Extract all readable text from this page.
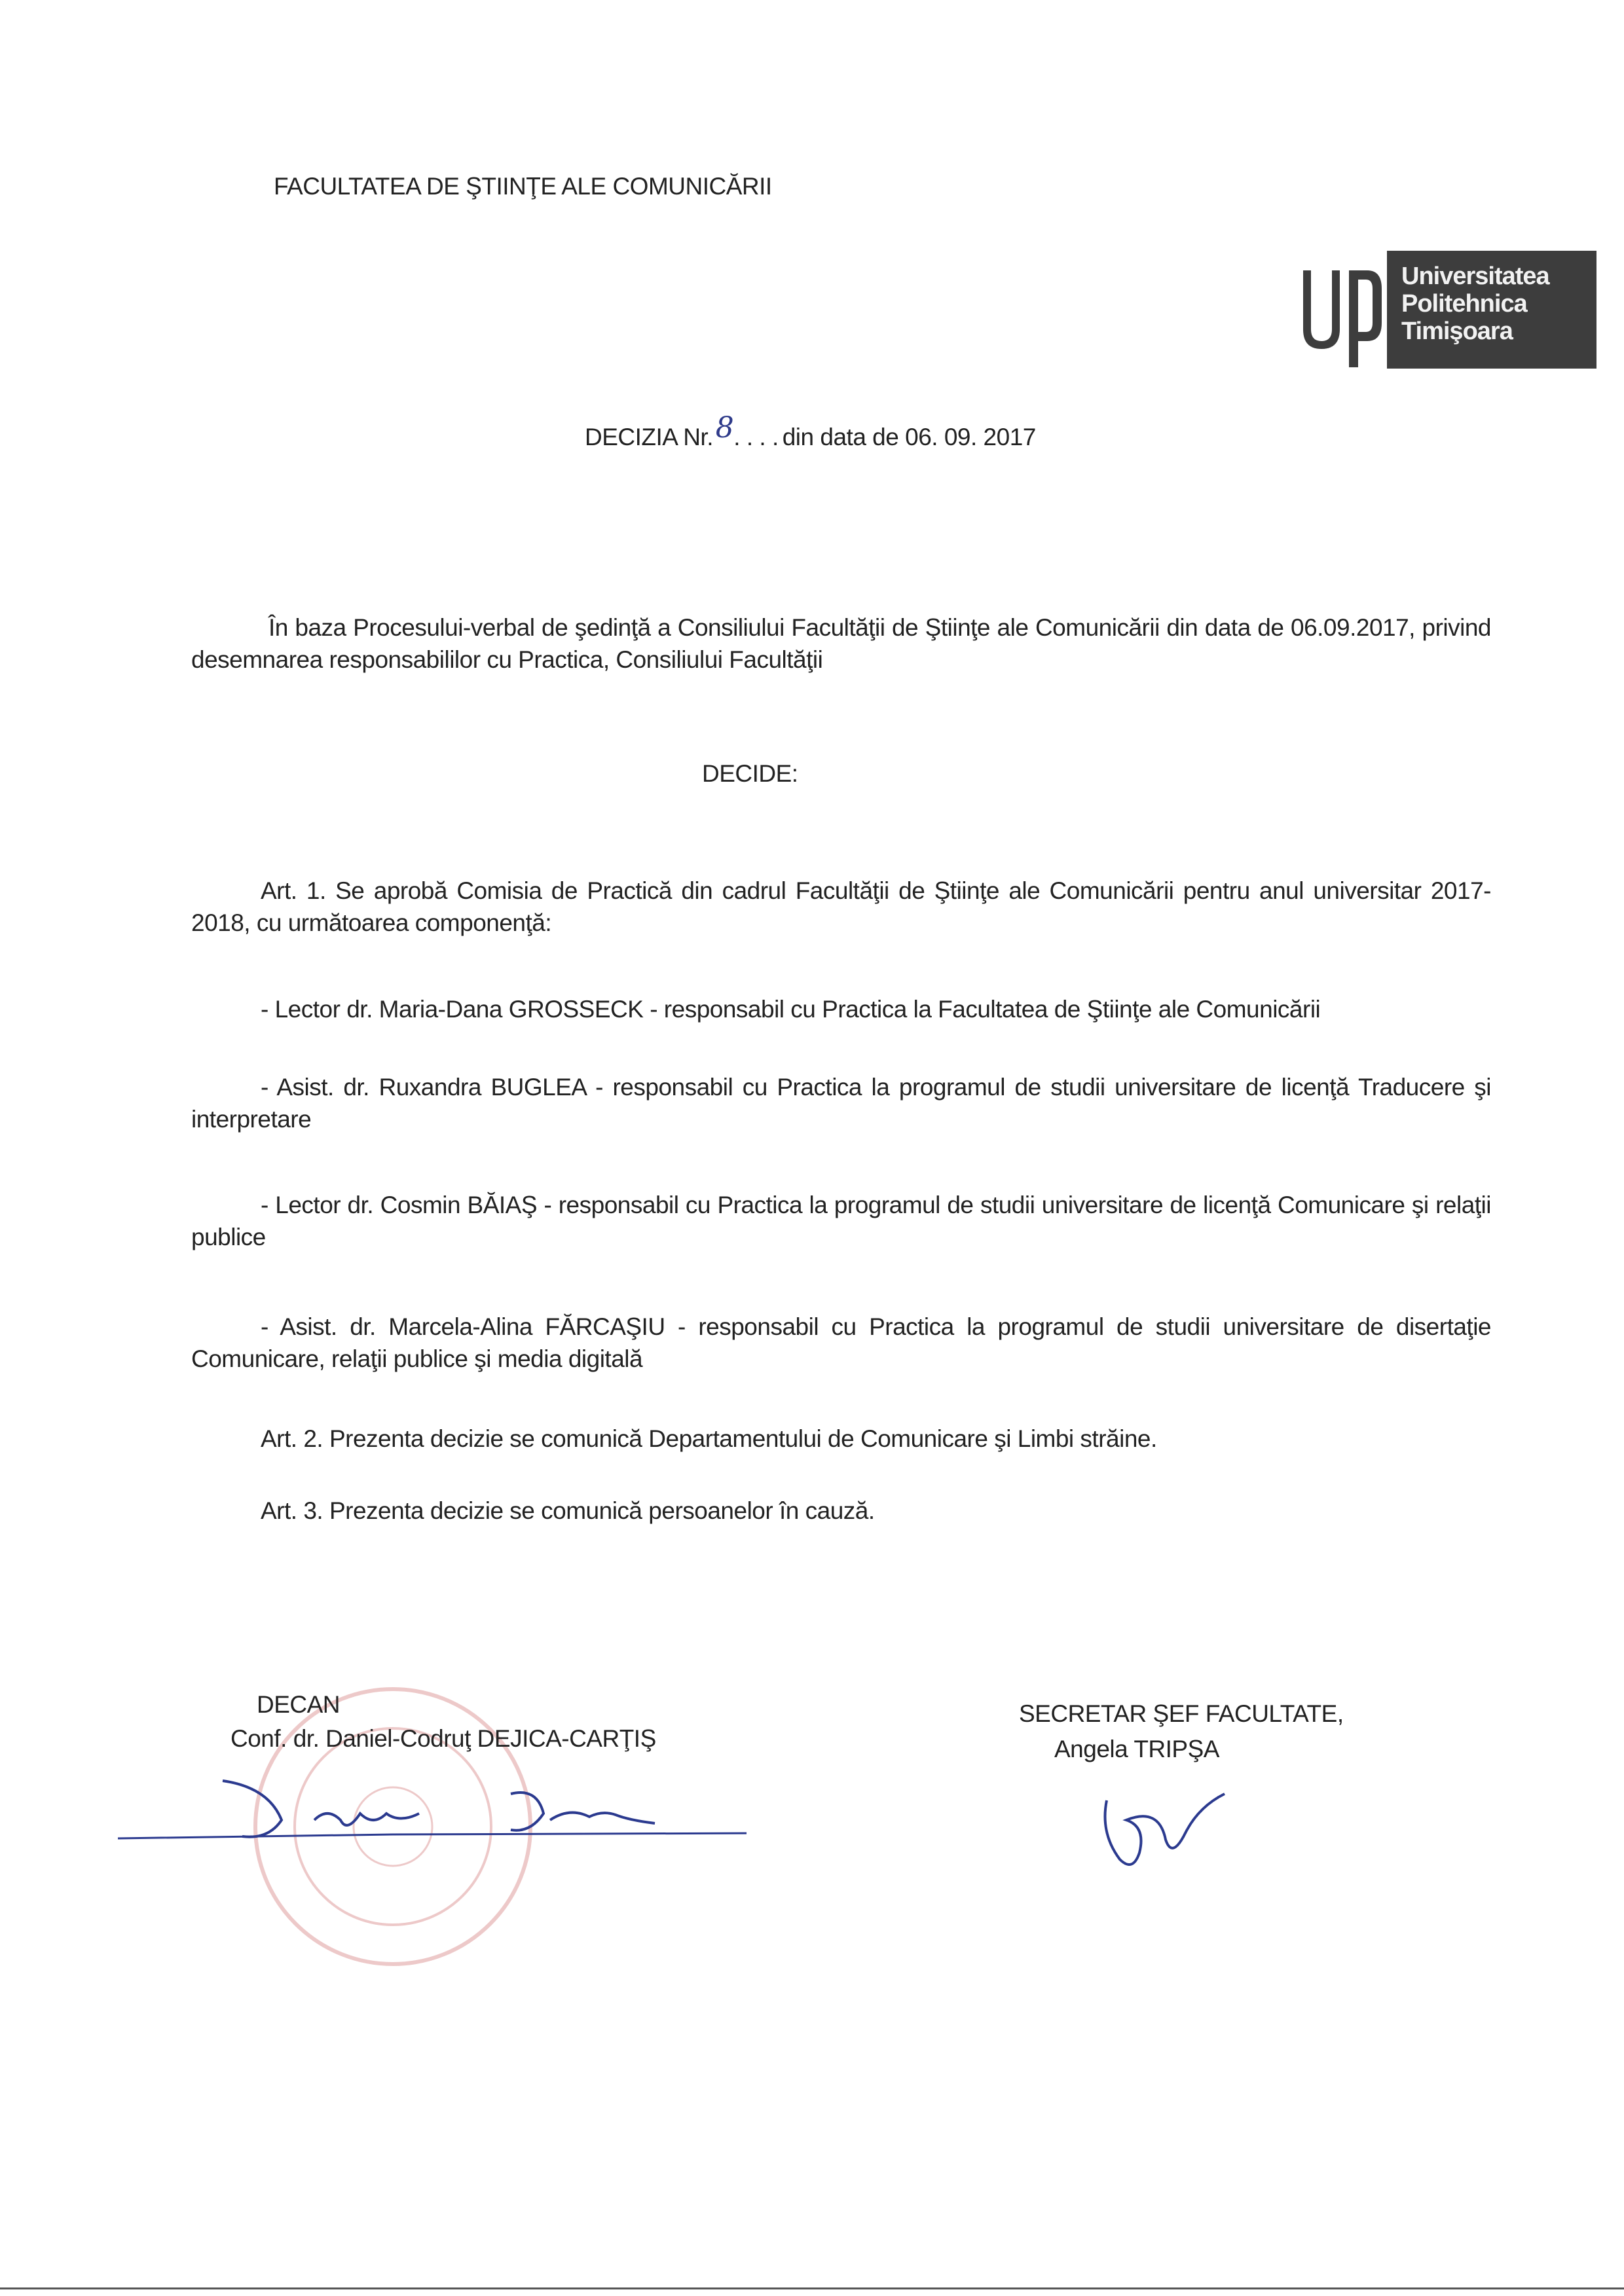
FACULTATEA DE ŞTIINŢE ALE COMUNICĂRII
Universitatea
Politehnica
Timişoara
DECIZIA Nr. 8. . . . din data de 06. 09. 2017
În baza Procesului-verbal de şedinţă a Consiliului Facultăţii de Ştiinţe ale Comunicării din data de 06.09.2017, privind desemnarea responsabililor cu Practica, Consiliului Facultăţii
DECIDE:
Art. 1. Se aprobă Comisia de Practică din cadrul Facultăţii de Ştiinţe ale Comunicării pentru anul universitar 2017-2018, cu următoarea componenţă:
- Lector dr. Maria-Dana GROSSECK - responsabil cu Practica la Facultatea de Ştiinţe ale Comunicării
- Asist. dr. Ruxandra BUGLEA - responsabil cu Practica la programul de studii universitare de licenţă Traducere şi interpretare
- Lector dr. Cosmin BĂIAŞ - responsabil cu Practica la programul de studii universitare de licenţă Comunicare şi relaţii publice
- Asist. dr. Marcela-Alina FĂRCAŞIU - responsabil cu Practica la programul de studii universitare de disertaţie Comunicare, relaţii publice şi media digitală
Art. 2. Prezenta decizie se comunică Departamentului de Comunicare şi Limbi străine.
Art. 3. Prezenta decizie se comunică persoanelor în cauză.
DECAN
Conf. dr. Daniel-Codruţ DEJICA-CARŢIŞ
SECRETAR ŞEF FACULTATE,
Angela TRIPŞA
